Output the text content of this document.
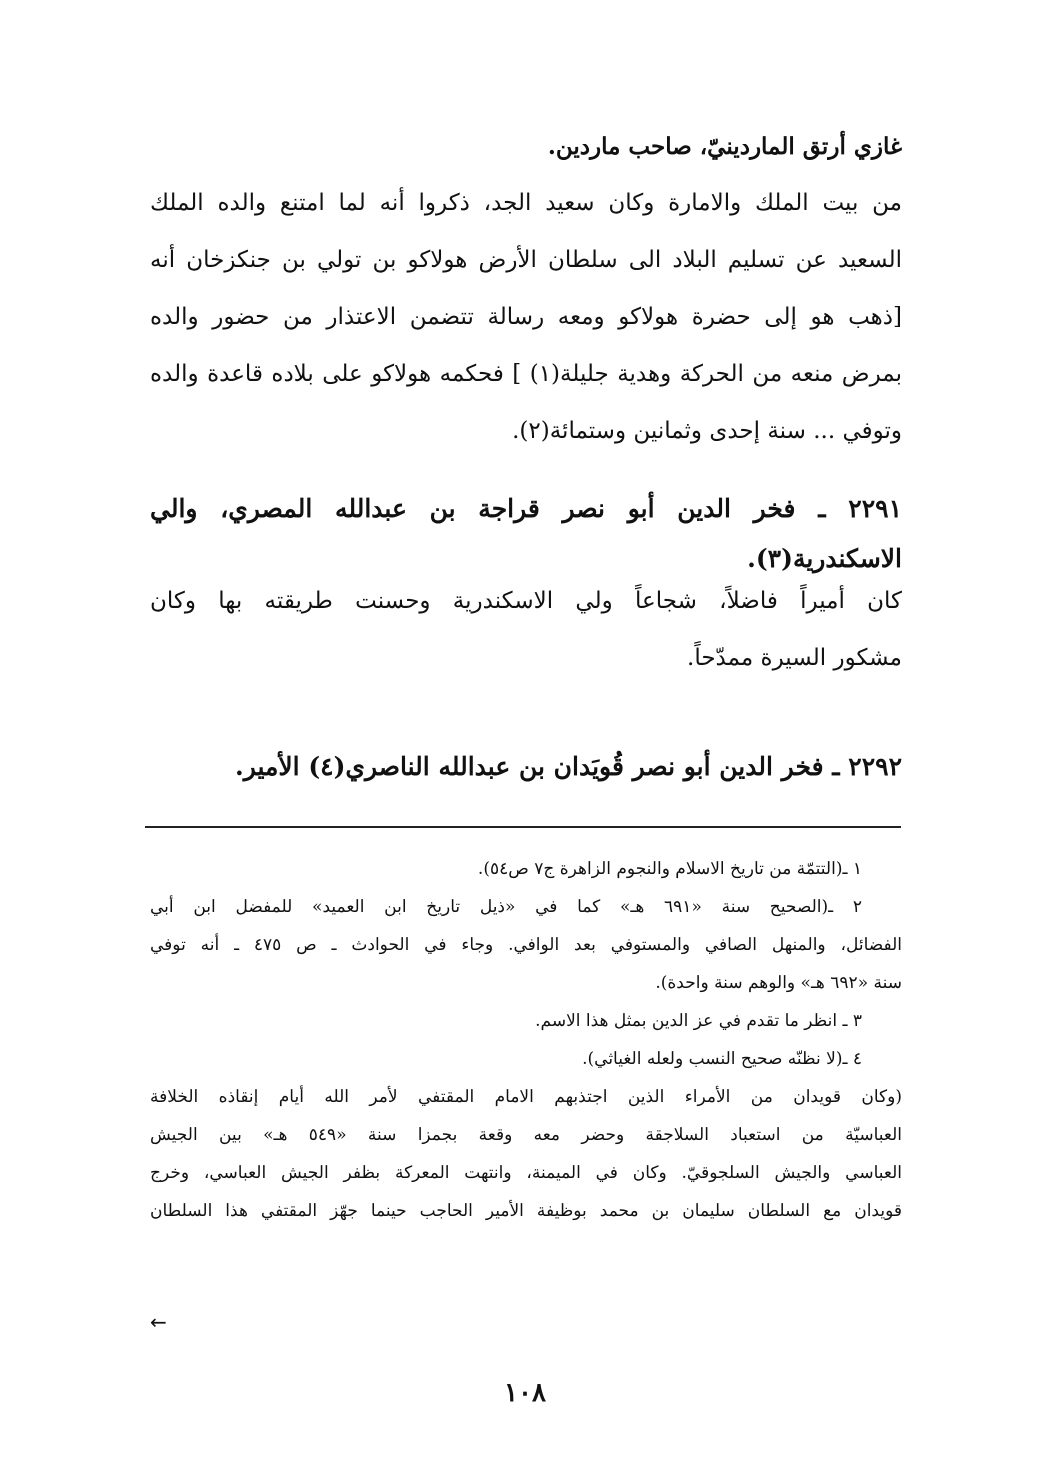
غازي أرتق الماردينيّ، صاحب ماردين.
من بيت الملك والامارة وكان سعيد الجد، ذكروا أنه لما امتنع والده الملك
السعيد عن تسليم البلاد الى سلطان الأرض هولاكو بن تولي بن جنكزخان أنه
[ذهب هو إلى حضرة هولاكو ومعه رسالة تتضمن الاعتذار من حضور والده
بمرض منعه من الحركة وهدية جليلة(١) ] فحكمه هولاكو على بلاده قاعدة والده
وتوفي ... سنة إحدى وثمانين وستمائة(٢).
٢٢٩١ ـ فخر الدين أبو نصر قراجة بن عبدالله المصري، والي
الاسكندرية(٣).
كان أميراً فاضلاً، شجاعاً ولي الاسكندرية وحسنت طريقته بها وكان
مشكور السيرة ممدّحاً.
٢٢٩٢ ـ فخر الدين أبو نصر قُويَدان بن عبدالله الناصري(٤) الأمير.
١ ـ(التتمّة من تاريخ الاسلام والنجوم الزاهرة ج٧ ص٥٤).
٢ ـ(الصحيح سنة «٦٩١ هـ» كما في «ذيل تاريخ ابن العميد» للمفضل ابن أبي
الفضائل، والمنهل الصافي والمستوفي بعد الوافي. وجاء في الحوادث ـ ص ٤٧٥ ـ أنه توفي
سنة «٦٩٢ هـ» والوهم سنة واحدة).
٣ ـ انظر ما تقدم في عز الدين بمثل هذا الاسم.
٤ ـ(لا نظنّه صحيح النسب ولعله الغياثي).
(وكان قويدان من الأمراء الذين اجتذبهم الامام المقتفي لأمر الله أيام إنقاذه الخلافة
العباسيّة من استعباد السلاجقة وحضر معه وقعة بجمزا سنة «٥٤٩ هـ» بين الجيش
العباسي والجيش السلجوقيّ. وكان في الميمنة، وانتهت المعركة بظفر الجيش العباسي، وخرج
قويدان مع السلطان سليمان بن محمد بوظيفة الأمير الحاجب حينما جهّز المقتفي هذا السلطان
←
١٠٨
